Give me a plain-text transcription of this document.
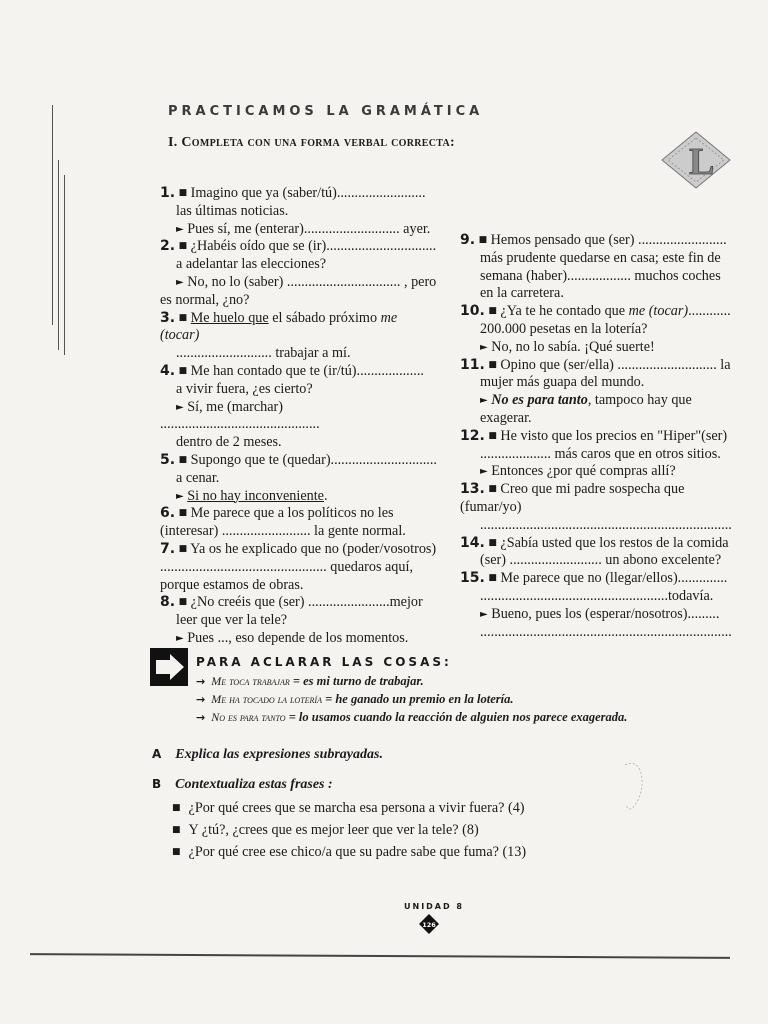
PRACTICAMOS LA GRAMÁTICA
I. Completa con una forma verbal correcta:	L

1. ■ Imagino que ya (saber/tú).........................

las últimas noticias.

► Pues sí, me (enterar)........................... ayer.

2. ■ ¿Habéis oído que se (ir)...............................

a adelantar las elecciones?

► No, no lo (saber) ................................ , pero

es normal, ¿no?

3. ■ Me huelo que el sábado próximo me (tocar)

........................... trabajar a mí.

4. ■ Me han contado que te (ir/tú)...................

a vivir fuera, ¿es cierto?

► Sí, me (marchar) .............................................

dentro de 2 meses.

5. ■ Supongo que te (quedar)..............................

a cenar.

► Si no hay inconveniente.

6. ■ Me parece que a los políticos no les

(interesar) ......................... la gente normal.

7. ■ Ya os he explicado que no (poder/vosotros)

............................................... quedaros aquí,

porque estamos de obras.

8. ■ ¿No creéis que (ser) .......................mejor

leer que ver la tele?

► Pues ..., eso depende de los momentos.

9. ■ Hemos pensado que (ser) .........................

más prudente quedarse en casa; este fin de

semana (haber).................. muchos coches

en la carretera.

10. ■ ¿Ya te he contado que me (tocar)............

200.000 pesetas en la lotería?

► No, no lo sabía. ¡Qué suerte!

11. ■ Opino que (ser/ella) ............................ la

mujer más guapa del mundo.

► No es para tanto, tampoco hay que

exagerar.

12. ■ He visto que los precios en "Hiper"(ser)

.................... más caros que en otros sitios.

► Entonces ¿por qué compras allí?

13. ■ Creo que mi padre sospecha que (fumar/yo)

.......................................................................

14. ■ ¿Sabía usted que los restos de la comida

(ser) .......................... un abono excelente?

15. ■ Me parece que no (llegar/ellos)..............

.....................................................todavía.

► Bueno, pues los (esperar/nosotros).........

.......................................................................

PARA ACLARAR LAS COSAS:
→ Me toca trabajar = es mi turno de trabajar.
→ Me ha tocado la lotería = he ganado un premio en la lotería.
→ No es para tanto = lo usamos cuando la reacción de alguien nos parece exagerada.
A Explica las expresiones subrayadas.
B Contextualiza estas frases :
■ ¿Por qué crees que se marcha esa persona a vivir fuera? (4)
■ Y ¿tú?, ¿crees que es mejor leer que ver la tele? (8)
■ ¿Por qué cree ese chico/a que su padre sabe que fuma? (13)
UNIDAD 8
126
